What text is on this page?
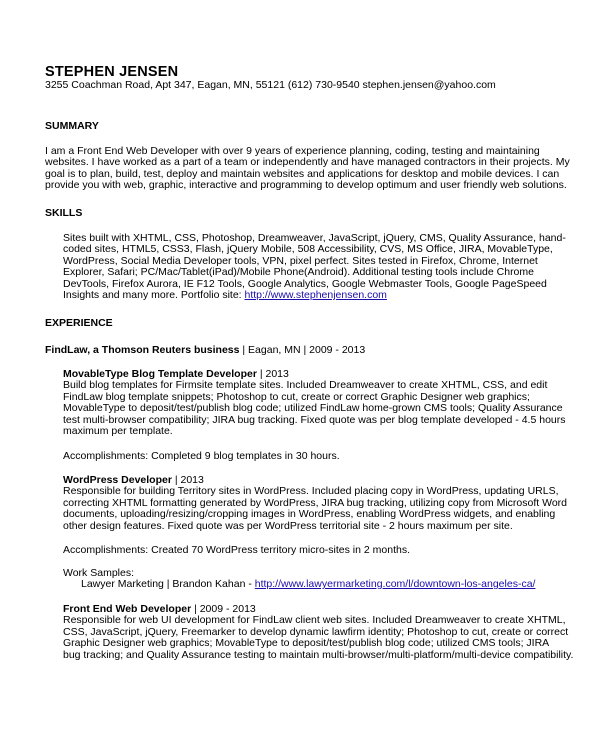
STEPHEN JENSEN
3255 Coachman Road, Apt 347, Eagan, MN, 55121 (612) 730-9540 stephen.jensen@yahoo.com
SUMMARY
I am a Front End Web Developer with over 9 years of experience planning, coding, testing and maintaining
websites. I have worked as a part of a team or independently and have managed contractors in their projects. My
goal is to plan, build, test, deploy and maintain websites and applications for desktop and mobile devices. I can
provide you with web, graphic, interactive and programming to develop optimum and user friendly web solutions.
SKILLS
Sites built with XHTML, CSS, Photoshop, Dreamweaver, JavaScript, jQuery, CMS, Quality Assurance, hand-
coded sites, HTML5, CSS3, Flash, jQuery Mobile, 508 Accessibility, CVS, MS Office, JIRA, MovableType,
WordPress, Social Media Developer tools, VPN, pixel perfect. Sites tested in Firefox, Chrome, Internet
Explorer, Safari; PC/Mac/Tablet(iPad)/Mobile Phone(Android). Additional testing tools include Chrome
DevTools, Firefox Aurora, IE F12 Tools, Google Analytics, Google Webmaster Tools, Google PageSpeed
Insights and many more. Portfolio site: http://www.stephenjensen.com
EXPERIENCE
FindLaw, a Thomson Reuters business | Eagan, MN | 2009 - 2013
MovableType Blog Template Developer | 2013
Build blog templates for Firmsite template sites. Included Dreamweaver to create XHTML, CSS, and edit
FindLaw blog template snippets; Photoshop to cut, create or correct Graphic Designer web graphics;
MovableType to deposit/test/publish blog code; utilized FindLaw home-grown CMS tools; Quality Assurance
test multi-browser compatibility; JIRA bug tracking. Fixed quote was per blog template developed - 4.5 hours
maximum per template.
Accomplishments: Completed 9 blog templates in 30 hours.
WordPress Developer | 2013
Responsible for building Territory sites in WordPress. Included placing copy in WordPress, updating URLS,
correcting XHTML formatting generated by WordPress, JIRA bug tracking, utilizing copy from Microsoft Word
documents, uploading/resizing/cropping images in WordPress, enabling WordPress widgets, and enabling
other design features. Fixed quote was per WordPress territorial site - 2 hours maximum per site.
Accomplishments: Created 70 WordPress territory micro-sites in 2 months.
Work Samples:
Lawyer Marketing | Brandon Kahan - http://www.lawyermarketing.com/l/downtown-los-angeles-ca/
Front End Web Developer | 2009 - 2013
Responsible for web UI development for FindLaw client web sites. Included Dreamweaver to create XHTML,
CSS, JavaScript, jQuery, Freemarker to develop dynamic lawfirm identity; Photoshop to cut, create or correct
Graphic Designer web graphics; MovableType to deposit/test/publish blog code; utilized CMS tools; JIRA
bug tracking; and Quality Assurance testing to maintain multi-browser/multi-platform/multi-device compatibility.
